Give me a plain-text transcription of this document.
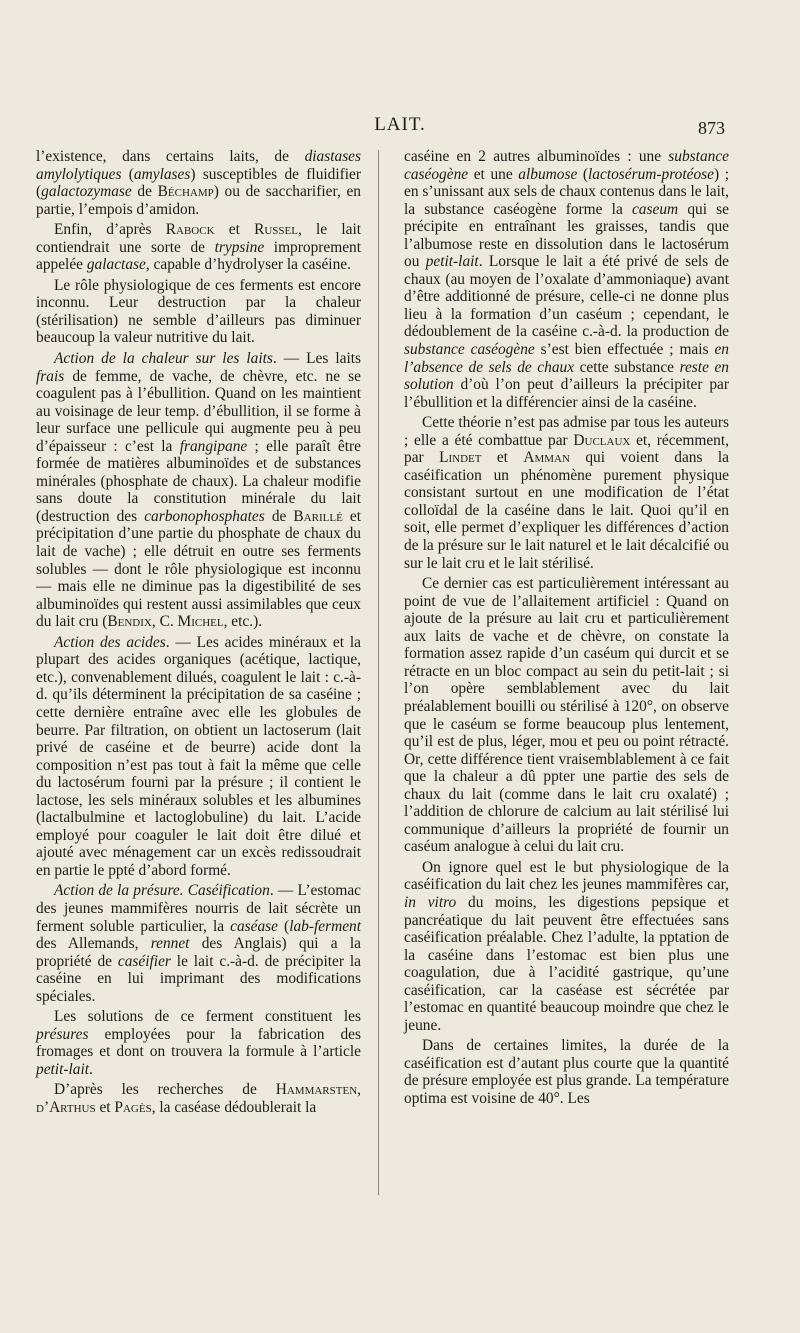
LAIT.	873

l’existence, dans certains laits, de diastases amylolytiques (amylases) susceptibles de fluidifier (galactozymase de Béchamp) ou de saccharifier, en partie, l’empois d’amidon.

Enfin, d’après Rabock et Russel, le lait contiendrait une sorte de trypsine improprement appelée galactase, capable d’hydrolyser la caséine.

Le rôle physiologique de ces ferments est encore inconnu. Leur destruction par la chaleur (stérilisation) ne semble d’ailleurs pas diminuer beaucoup la valeur nutritive du lait.

Action de la chaleur sur les laits. — Les laits frais de femme, de vache, de chèvre, etc. ne se coagulent pas à l’ébullition. Quand on les maintient au voisinage de leur temp. d’ébullition, il se forme à leur surface une pellicule qui augmente peu à peu d’épaisseur : c’est la frangipane ; elle paraît être formée de matières albuminoïdes et de substances minérales (phosphate de chaux). La chaleur modifie sans doute la constitution minérale du lait (destruction des carbonophosphates de Barillé et précipitation d’une partie du phosphate de chaux du lait de vache) ; elle détruit en outre ses ferments solubles — dont le rôle physiologique est inconnu — mais elle ne diminue pas la digestibilité de ses albuminoïdes qui restent aussi assimilables que ceux du lait cru (Bendix, C. Michel, etc.).

Action des acides. — Les acides minéraux et la plupart des acides organiques (acétique, lactique, etc.), convenablement dilués, coagulent le lait : c.-à-d. qu’ils déterminent la précipitation de sa caséine ; cette dernière entraîne avec elle les globules de beurre. Par filtration, on obtient un lactoserum (lait privé de caséine et de beurre) acide dont la composition n’est pas tout à fait la même que celle du lactosérum fourni par la présure ; il contient le lactose, les sels minéraux solubles et les albumines (lactalbulmine et lactoglobuline) du lait. L’acide employé pour coaguler le lait doit être dilué et ajouté avec ménagement car un excès redissoudrait en partie le ppté d’abord formé.

Action de la présure. Caséification. — L’estomac des jeunes mammifères nourris de lait sécrète un ferment soluble particulier, la caséase (lab-ferment des Allemands, rennet des Anglais) qui a la propriété de caséifier le lait c.-à-d. de précipiter la caséine en lui imprimant des modifications spéciales.

Les solutions de ce ferment constituent les présures employées pour la fabrication des fromages et dont on trouvera la formule à l’article petit-lait.

D’après les recherches de Hammarsten, d’Arthus et Pagès, la caséase dédoublerait la

caséine en 2 autres albuminoïdes : une substance caséogène et une albumose (lactosérum-protéose) ; en s’unissant aux sels de chaux contenus dans le lait, la substance caséogène forme la caseum qui se précipite en entraînant les graisses, tandis que l’albumose reste en dissolution dans le lactosérum ou petit-lait. Lorsque le lait a été privé de sels de chaux (au moyen de l’oxalate d’ammoniaque) avant d’être additionné de présure, celle-ci ne donne plus lieu à la formation d’un caséum ; cependant, le dédoublement de la caséine c.-à-d. la production de substance caséogène s’est bien effectuée ; mais en l’absence de sels de chaux cette substance reste en solution d’où l’on peut d’ailleurs la précipiter par l’ébullition et la différencier ainsi de la caséine.

Cette théorie n’est pas admise par tous les auteurs ; elle a été combattue par Duclaux et, récemment, par Lindet et Amman qui voient dans la caséification un phénomène purement physique consistant surtout en une modification de l’état colloïdal de la caséine dans le lait. Quoi qu’il en soit, elle permet d’expliquer les différences d’action de la présure sur le lait naturel et le lait décalcifié ou sur le lait cru et le lait stérilisé.

Ce dernier cas est particulièrement intéressant au point de vue de l’allaitement artificiel : Quand on ajoute de la présure au lait cru et particulièrement aux laits de vache et de chèvre, on constate la formation assez rapide d’un caséum qui durcit et se rétracte en un bloc compact au sein du petit-lait ; si l’on opère semblablement avec du lait préalablement bouilli ou stérilisé à 120°, on observe que le caséum se forme beaucoup plus lentement, qu’il est de plus, léger, mou et peu ou point rétracté. Or, cette différence tient vraisemblablement à ce fait que la chaleur a dû ppter une partie des sels de chaux du lait (comme dans le lait cru oxalaté) ; l’addition de chlorure de calcium au lait stérilisé lui communique d’ailleurs la propriété de fournir un caséum analogue à celui du lait cru.

On ignore quel est le but physiologique de la caséification du lait chez les jeunes mammifères car, in vitro du moins, les digestions pepsique et pancréatique du lait peuvent être effectuées sans caséification préalable. Chez l’adulte, la pptation de la caséine dans l’estomac est bien plus une coagulation, due à l’acidité gastrique, qu’une caséification, car la caséase est sécrétée par l’estomac en quantité beaucoup moindre que chez le jeune.

Dans de certaines limites, la durée de la caséification est d’autant plus courte que la quantité de présure employée est plus grande. La température optima est voisine de 40°. Les
